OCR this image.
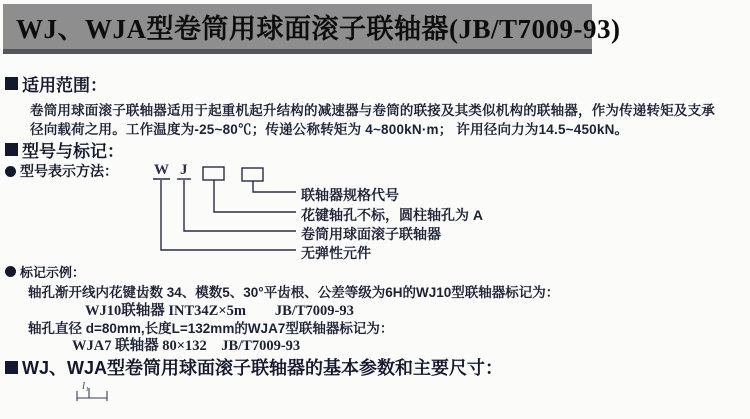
WJ、WJA型卷筒用球面滚子联轴器(JB/T7009-93)
适用范围：
卷筒用球面滚子联轴器适用于起重机起升结构的减速器与卷筒的联接及其类似机构的联轴器，作为传递转矩及支承
径向载荷之用。工作温度为-25~80℃；传递公称转矩为 4~800kN·m； 许用径向力为14.5~450kN。
型号与标记：
型号表示方法： W J
联轴器规格代号
花键轴孔不标，圆柱轴孔为 A
卷筒用球面滚子联轴器
无弹性元件
标记示例：
轴孔渐开线内花键齿数 34、模数5、30°平齿根、公差等级为6H的WJ10型联轴器标记为：
WJ10联轴器 INT34Z×5m　　JB/T7009-93
轴孔直径 d=80mm,长度L=132mm的WJA7型联轴器标记为：
WJA7 联轴器 80×132　JB/T7009-93
WJ、WJA型卷筒用球面滚子联轴器的基本参数和主要尺寸：
l₁
